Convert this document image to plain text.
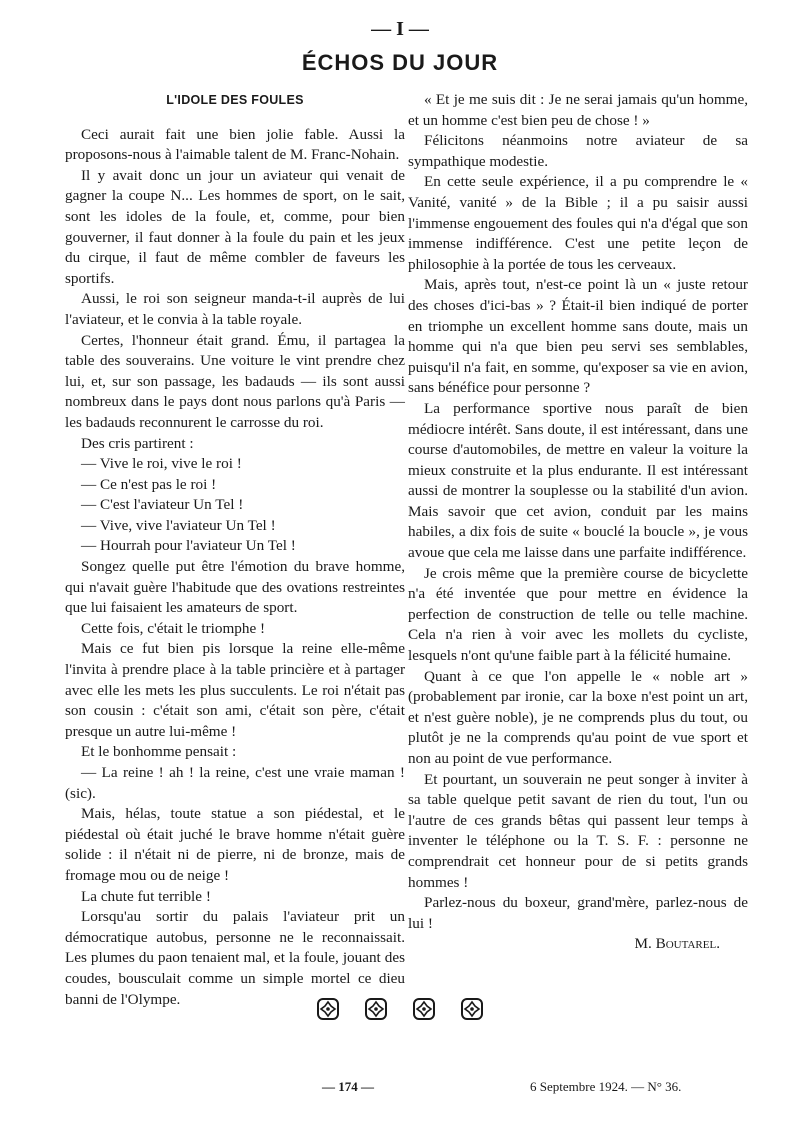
— I —
ÉCHOS DU JOUR
L'IDOLE DES FOULES

Ceci aurait fait une bien jolie fable. Aussi la proposons-nous à l'aimable talent de M. Franc-Nohain.

Il y avait donc un jour un aviateur qui venait de gagner la coupe N... Les hommes de sport, on le sait, sont les idoles de la foule, et, comme, pour bien gouverner, il faut donner à la foule du pain et les jeux du cirque, il faut de même combler de faveurs les sportifs.

Aussi, le roi son seigneur manda-t-il auprès de lui l'aviateur, et le convia à la table royale.

Certes, l'honneur était grand. Ému, il partagea la table des souverains. Une voiture le vint prendre chez lui, et, sur son passage, les badauds — ils sont aussi nombreux dans le pays dont nous parlons qu'à Paris — les badauds reconnurent le carrosse du roi.

Des cris partirent :

— Vive le roi, vive le roi !

— Ce n'est pas le roi !

— C'est l'aviateur Un Tel !

— Vive, vive l'aviateur Un Tel !

— Hourrah pour l'aviateur Un Tel !

Songez quelle put être l'émotion du brave homme, qui n'avait guère l'habitude que des ovations restreintes que lui faisaient les amateurs de sport.

Cette fois, c'était le triomphe !

Mais ce fut bien pis lorsque la reine elle-même l'invita à prendre place à la table princière et à partager avec elle les mets les plus succulents. Le roi n'était pas son cousin : c'était son ami, c'était son père, c'était presque un autre lui-même !

Et le bonhomme pensait :

— La reine ! ah ! la reine, c'est une vraie maman ! (sic).

Mais, hélas, toute statue a son piédestal, et le piédestal où était juché le brave homme n'était guère solide : il n'était ni de pierre, ni de bronze, mais de fromage mou ou de neige !

La chute fut terrible !

Lorsqu'au sortir du palais l'aviateur prit un démocratique autobus, personne ne le reconnaissait. Les plumes du paon tenaient mal, et la foule, jouant des coudes, bousculait comme un simple mortel ce dieu banni de l'Olympe.

« Et je me suis dit : Je ne serai jamais qu'un homme, et un homme c'est bien peu de chose ! »

Félicitons néanmoins notre aviateur de sa sympathique modestie.

En cette seule expérience, il a pu comprendre le « Vanité, vanité » de la Bible ; il a pu saisir aussi l'immense engouement des foules qui n'a d'égal que son immense indifférence. C'est une petite leçon de philosophie à la portée de tous les cerveaux.

Mais, après tout, n'est-ce point là un « juste retour des choses d'ici-bas » ? Était-il bien indiqué de porter en triomphe un excellent homme sans doute, mais un homme qui n'a que bien peu servi ses semblables, puisqu'il n'a fait, en somme, qu'exposer sa vie en avion, sans bénéfice pour personne ?

La performance sportive nous paraît de bien médiocre intérêt. Sans doute, il est intéressant, dans une course d'automobiles, de mettre en valeur la voiture la mieux construite et la plus endurante. Il est intéressant aussi de montrer la souplesse ou la stabilité d'un avion. Mais savoir que cet avion, conduit par les mains habiles, a dix fois de suite « bouclé la boucle », je vous avoue que cela me laisse dans une parfaite indifférence.

Je crois même que la première course de bicyclette n'a été inventée que pour mettre en évidence la perfection de construction de telle ou telle machine. Cela n'a rien à voir avec les mollets du cycliste, lesquels n'ont qu'une faible part à la félicité humaine.

Quant à ce que l'on appelle le « noble art » (probablement par ironie, car la boxe n'est point un art, et n'est guère noble), je ne comprends plus du tout, ou plutôt je ne la comprends qu'au point de vue sport et non au point de vue performance.

Et pourtant, un souverain ne peut songer à inviter à sa table quelque petit savant de rien du tout, l'un ou l'autre de ces grands bêtas qui passent leur temps à inventer le téléphone ou la T. S. F. : personne ne comprendrait cet honneur pour de si petits grands hommes !

Parlez-nous du boxeur, grand'mère, parlez-nous de lui !

M. Boutarel.

— 174 —	6 Septembre 1924. — N° 36.
